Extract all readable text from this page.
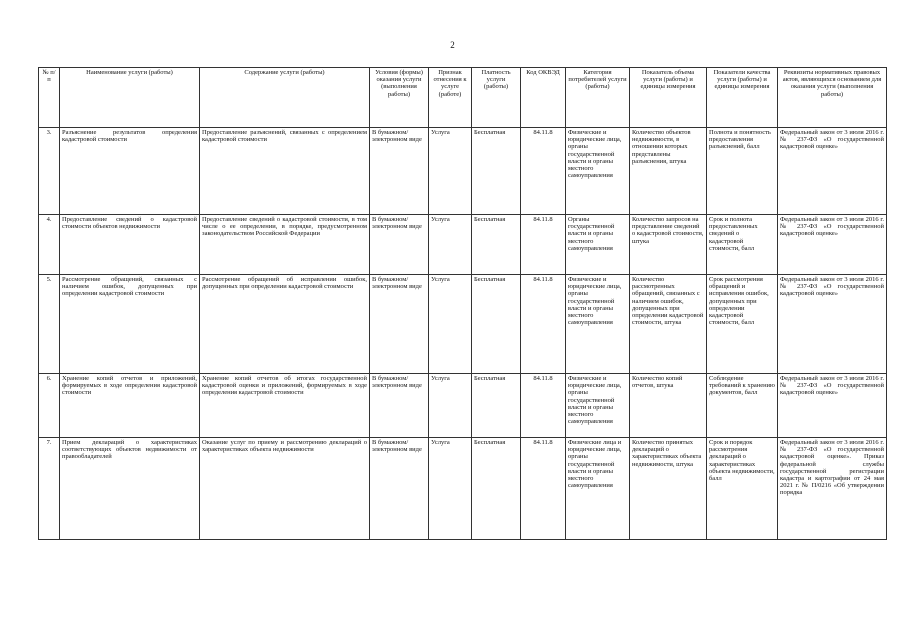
2
№ п/п	Наименование услуги (работы)	Содержание услуги (работы)	Условия (формы) оказания услуги (выполнения работы)	Признак отнесения к услуге (работе)	Платность услуги (работы)	Код ОКВЭД	Категория потребителей услуги (работы)	Показатель объема услуги (работы) и единицы измерения	Показатели качества услуги (работы) и единицы измерения	Реквизиты нормативных правовых актов, являющихся основанием для оказания услуги (выполнения работы)
3.	Разъяснение результатов определения кадастровой стоимости	Предоставление разъяснений, связанных с определением кадастровой стоимости	В бумажном/ электронном виде	Услуга	Бесплатная	84.11.8	Физические и юридические лица, органы государственной власти и органы местного самоуправления	Количество объектов недвижимости, в отношении которых представлены разъяснения, штука	Полнота и понятность предоставления разъяснений, балл	Федеральный закон от 3 июля 2016 г. № 237-ФЗ «О государственной кадастровой оценке»
4.	Предоставление сведений о кадастровой стоимости объектов недвижимости	Предоставление сведений о кадастровой стоимости, в том числе о ее определении, в порядке, предусмотренном законодательством Российской Федерации	В бумажном/ электронном виде	Услуга	Бесплатная	84.11.8	Органы государственной власти и органы местного самоуправления	Количество запросов на представление сведений о кадастровой стоимости, штука	Срок и полнота предоставленных сведений о кадастровой стоимости, балл	Федеральный закон от 3 июля 2016 г. № 237-ФЗ «О государственной кадастровой оценке»
5.	Рассмотрение обращений, связанных с наличием ошибок, допущенных при определении кадастровой стоимости	Рассмотрение обращений об исправлении ошибок, допущенных при определении кадастровой стоимости	В бумажном/ электронном виде	Услуга	Бесплатная	84.11.8	Физические и юридические лица, органы государственной власти и органы местного самоуправления	Количество рассмотренных обращений, связанных с наличием ошибок, допущенных при определении кадастровой стоимости, штука	Срок рассмотрения обращений и исправления ошибок, допущенных при определении кадастровой стоимости, балл	Федеральный закон от 3 июля 2016 г. № 237-ФЗ «О государственной кадастровой оценке»
6.	Хранение копий отчетов и приложений, формируемых в ходе определения кадастровой стоимости	Хранение копий отчетов об итогах государственной кадастровой оценки и приложений, формируемых в ходе определения кадастровой стоимости	В бумажном/ электронном виде	Услуга	Бесплатная	84.11.8	Физические и юридические лица, органы государственной власти и органы местного самоуправления	Количество копий отчетов, штука	Соблюдение требований к хранению документов, балл	Федеральный закон от 3 июля 2016 г. № 237-ФЗ «О государственной кадастровой оценке»
7.	Прием деклараций о характеристиках соответствующих объектов недвижимости от правообладателей	Оказание услуг по приему и рассмотрению деклараций о характеристиках объекта недвижимости	В бумажном/ электронном виде	Услуга	Бесплатная	84.11.8	Физические лица и юридические лица, органы государственной власти и органы местного самоуправления	Количество принятых деклараций о характеристиках объекта недвижимости, штука	Срок и порядок рассмотрения деклараций о характеристиках объекта недвижимости, балл	Федеральный закон от 3 июля 2016 г. № 237-ФЗ «О государственной кадастровой оценке». Приказ федеральной службы государственной регистрации кадастра и картографии от 24 мая 2021 г. № П/0216 «Об утверждении порядка
